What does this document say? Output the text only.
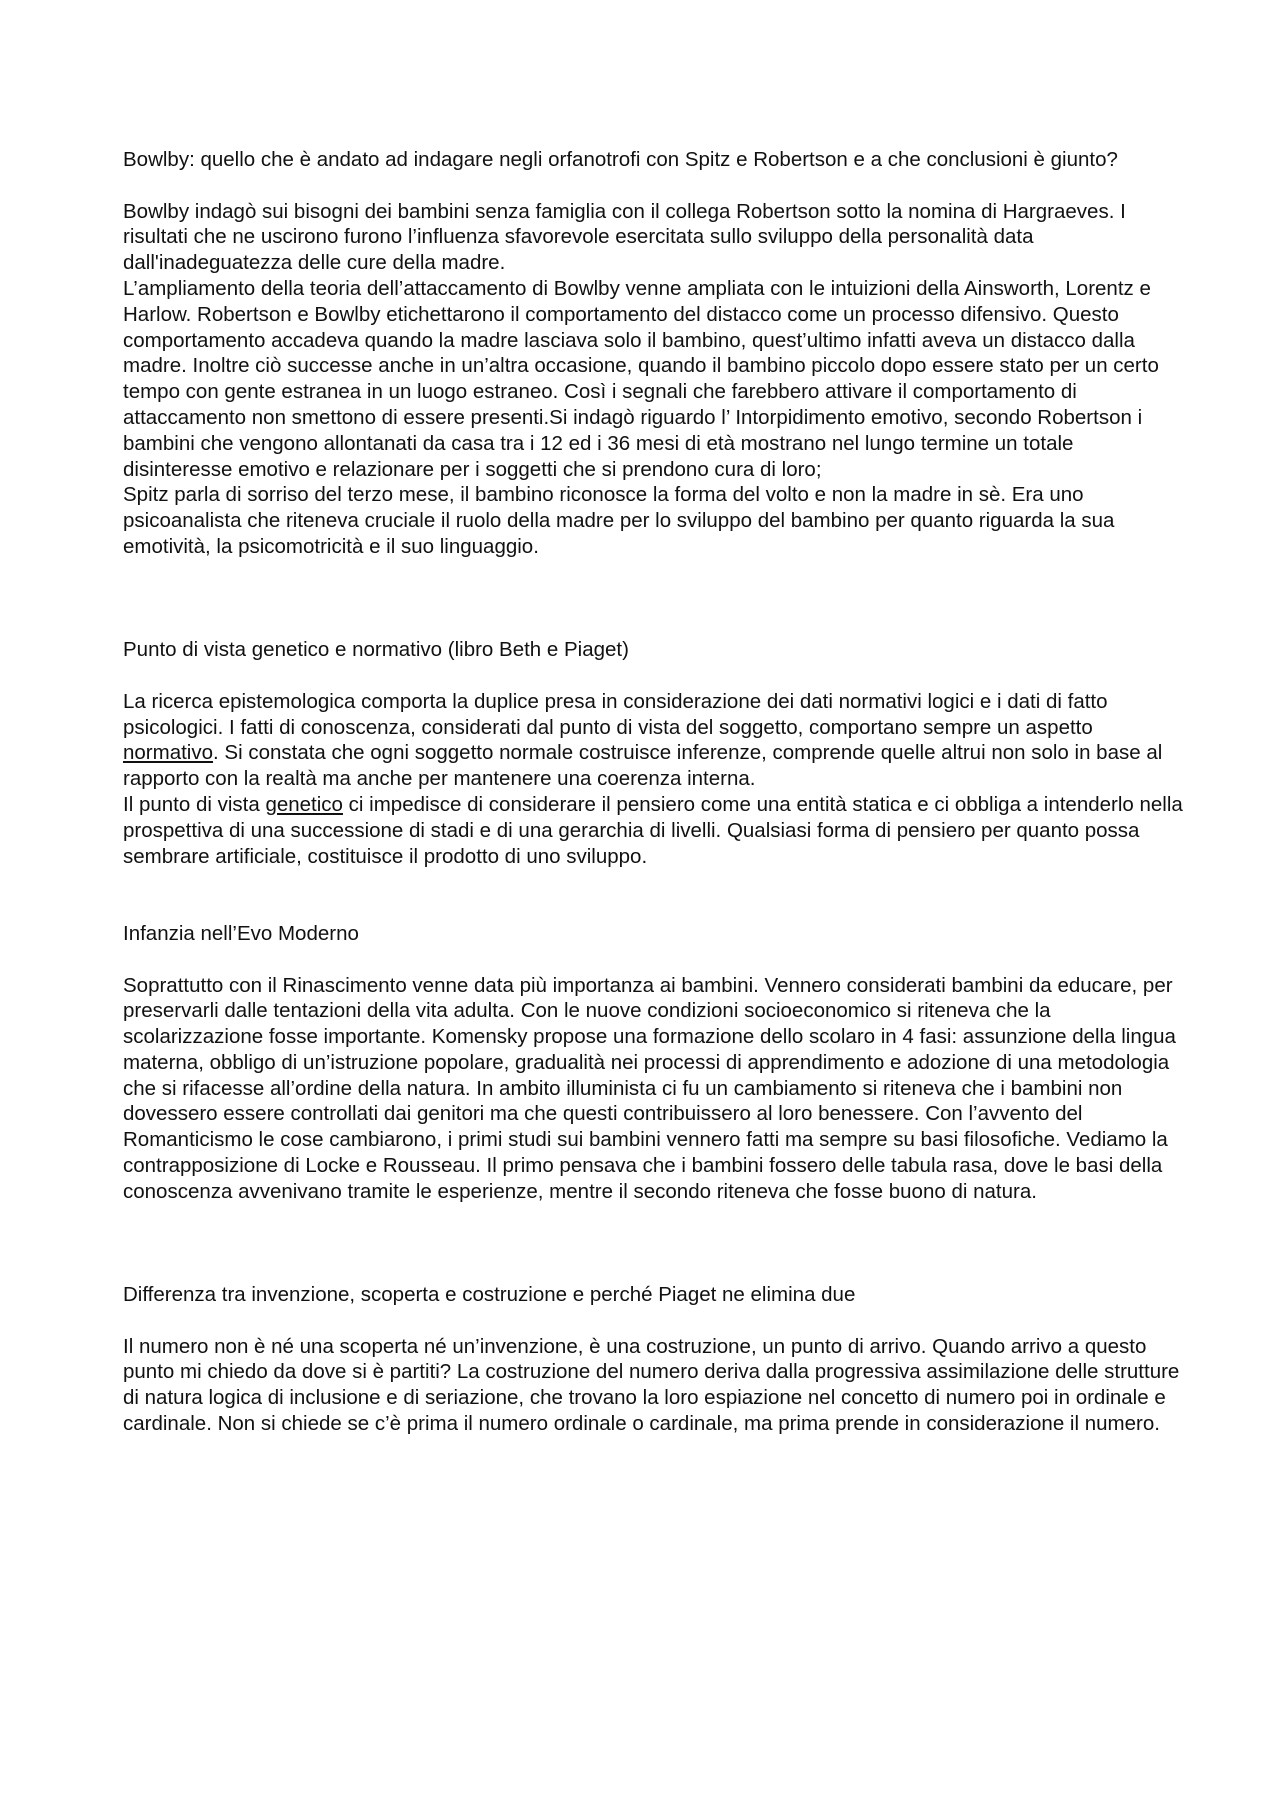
Bowlby: quello che è andato ad indagare negli orfanotrofi con Spitz e Robertson e a che conclusioni è giunto?

Bowlby indagò sui bisogni dei bambini senza famiglia con il collega Robertson sotto la nomina di Hargraeves. I risultati che ne uscirono furono l’influenza sfavorevole esercitata sullo sviluppo della personalità data dall'inadeguatezza delle cure della madre.

L’ampliamento della teoria dell’attaccamento di Bowlby venne ampliata con le intuizioni della Ainsworth, Lorentz e Harlow. Robertson e Bowlby etichettarono il comportamento del distacco come un processo difensivo. Questo comportamento accadeva quando la madre lasciava solo il bambino, quest’ultimo infatti aveva un distacco dalla madre. Inoltre ciò successe anche in un’altra occasione, quando il bambino piccolo dopo essere stato per un certo tempo con gente estranea in un luogo estraneo. Così i segnali che farebbero attivare il comportamento di attaccamento non smettono di essere presenti.Si indagò riguardo l’ Intorpidimento emotivo, secondo Robertson i bambini che vengono allontanati da casa tra i 12 ed i 36 mesi di età mostrano nel lungo termine un totale disinteresse emotivo e relazionare per i soggetti che si prendono cura di loro;

Spitz parla di sorriso del terzo mese, il bambino riconosce la forma del volto e non la madre in sè. Era uno psicoanalista che riteneva cruciale il ruolo della madre per lo sviluppo del bambino per quanto riguarda la sua emotività, la psicomotricità e il suo linguaggio.

Punto di vista genetico e normativo (libro Beth e Piaget)

La ricerca epistemologica comporta la duplice presa in considerazione dei dati normativi logici e i dati di fatto psicologici. I fatti di conoscenza, considerati dal punto di vista del soggetto, comportano sempre un aspetto normativo. Si constata che ogni soggetto normale costruisce inferenze, comprende quelle altrui non solo in base al rapporto con la realtà ma anche per mantenere una coerenza interna.

Il punto di vista genetico ci impedisce di considerare il pensiero come una entità statica e ci obbliga a intenderlo nella prospettiva di una successione di stadi e di una gerarchia di livelli. Qualsiasi forma di pensiero per quanto possa sembrare artificiale, costituisce il prodotto di uno sviluppo.

Infanzia nell’Evo Moderno

Soprattutto con il Rinascimento venne data più importanza ai bambini. Vennero considerati bambini da educare, per preservarli dalle tentazioni della vita adulta. Con le nuove condizioni socioeconomico si riteneva che la scolarizzazione fosse importante. Komensky propose una formazione dello scolaro in 4 fasi: assunzione della lingua materna, obbligo di un’istruzione popolare, gradualità nei processi di apprendimento e adozione di una metodologia che si rifacesse all’ordine della natura. In ambito illuminista ci fu un cambiamento si riteneva che i bambini non dovessero essere controllati dai genitori ma che questi contribuissero al loro benessere. Con l’avvento del Romanticismo le cose cambiarono, i primi studi sui bambini vennero fatti ma sempre su basi filosofiche. Vediamo la contrapposizione di Locke e Rousseau. Il primo pensava che i bambini fossero delle tabula rasa, dove le basi della conoscenza avvenivano tramite le esperienze, mentre il secondo riteneva che fosse buono di natura.

Differenza tra invenzione, scoperta e costruzione e perché Piaget ne elimina due

Il numero non è né una scoperta né un’invenzione, è una costruzione, un punto di arrivo. Quando arrivo a questo punto mi chiedo da dove si è partiti? La costruzione del numero deriva dalla progressiva assimilazione delle strutture di natura logica di inclusione e di seriazione, che trovano la loro espiazione nel concetto di numero poi in ordinale e cardinale. Non si chiede se c’è prima il numero ordinale o cardinale, ma prima prende in considerazione il numero.
